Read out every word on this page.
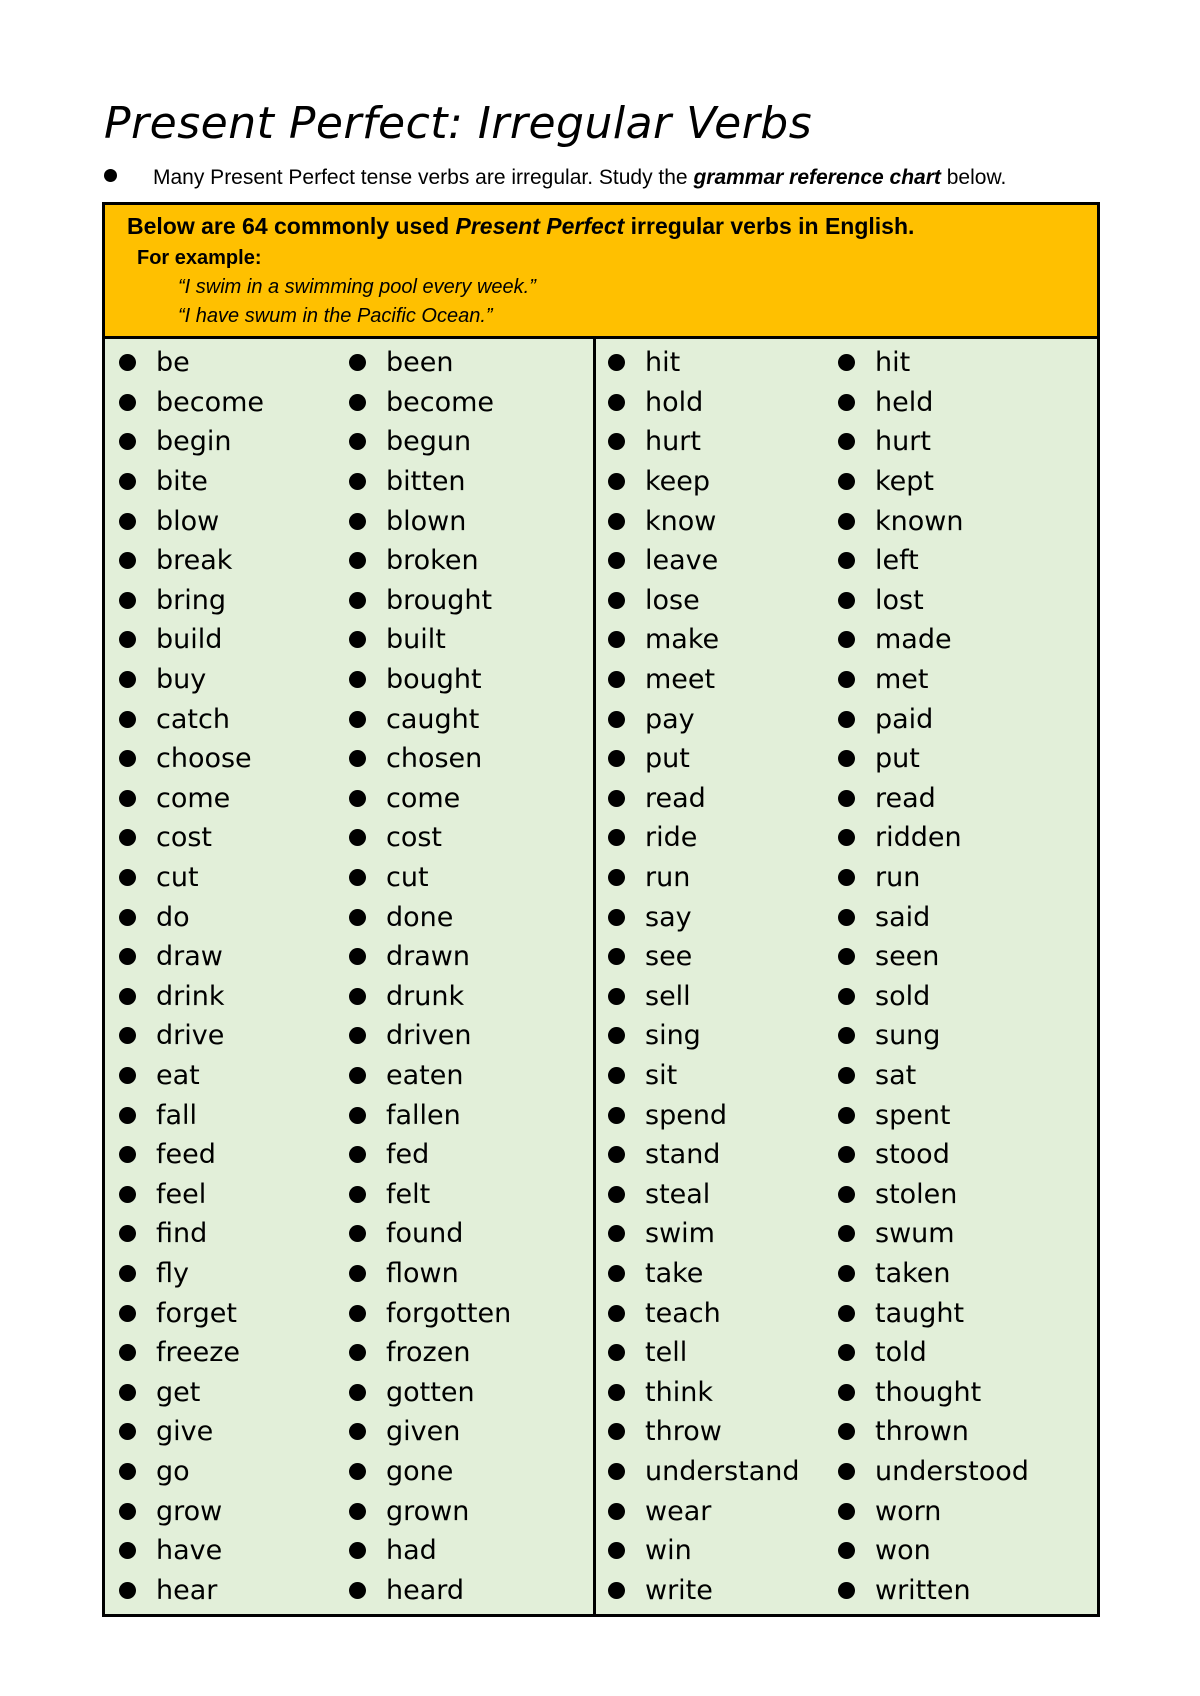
Present Perfect: Irregular Verbs
Many Present Perfect tense verbs are irregular. Study the grammar reference chart below.
Below are 64 commonly used Present Perfect irregular verbs in English.
For example:
“I swim in a swimming pool every week.”
“I have swum in the Pacific Ocean.”
be
become
begin
bite
blow
break
bring
build
buy
catch
choose
come
cost
cut
do
draw
drink
drive
eat
fall
feed
feel
find
fly
forget
freeze
get
give
go
grow
have
hear
been
become
begun
bitten
blown
broken
brought
built
bought
caught
chosen
come
cost
cut
done
drawn
drunk
driven
eaten
fallen
fed
felt
found
flown
forgotten
frozen
gotten
given
gone
grown
had
heard
hit
hold
hurt
keep
know
leave
lose
make
meet
pay
put
read
ride
run
say
see
sell
sing
sit
spend
stand
steal
swim
take
teach
tell
think
throw
understand
wear
win
write
hit
held
hurt
kept
known
left
lost
made
met
paid
put
read
ridden
run
said
seen
sold
sung
sat
spent
stood
stolen
swum
taken
taught
told
thought
thrown
understood
worn
won
written
